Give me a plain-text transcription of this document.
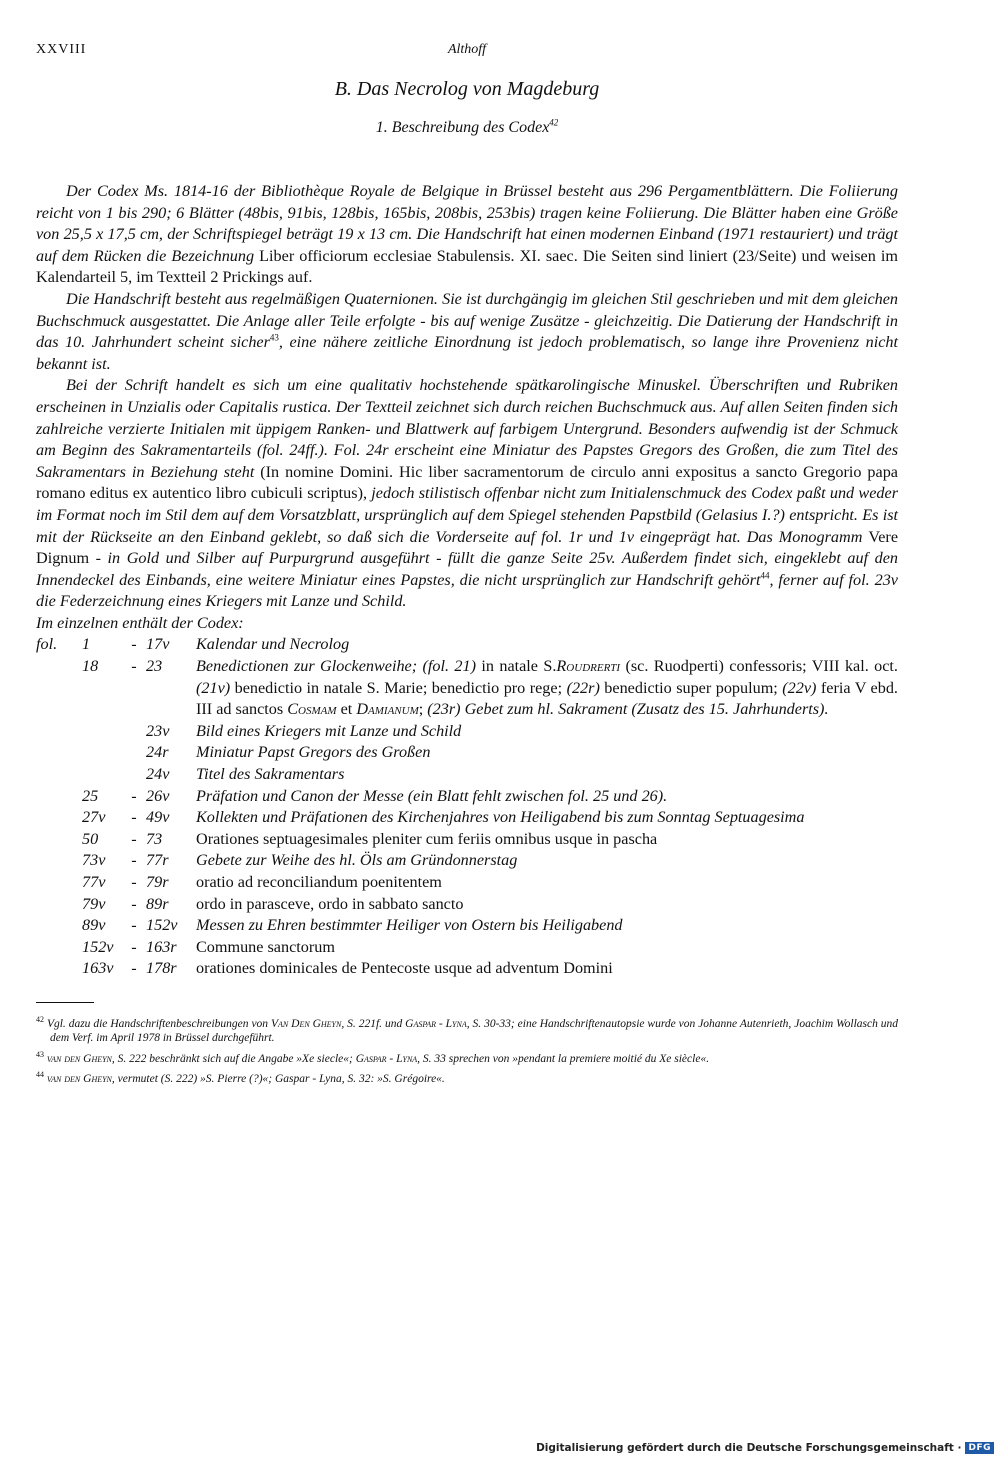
XXVIII	Althoff
B. Das Necrolog von Magdeburg
1. Beschreibung des Codex$^{42}$

Der Codex Ms. 1814-16 der Bibliothèque Royale de Belgique in Brüssel besteht aus 296 Pergamentblättern. Die Foliierung reicht von 1 bis 290; 6 Blätter (48bis, 91bis, 128bis, 165bis, 208bis, 253bis) tragen keine Foliierung. Die Blätter haben eine Größe von 25,5 x 17,5 cm, der Schriftspiegel beträgt 19 x 13 cm. Die Handschrift hat einen modernen Einband (1971 restauriert) und trägt auf dem Rücken die Bezeichnung Liber officiorum ecclesiae Stabulensis. XI. saec. Die Seiten sind liniert (23/Seite) und weisen im Kalendarteil 5, im Textteil 2 Prickings auf.

Die Handschrift besteht aus regelmäßigen Quaternionen. Sie ist durchgängig im gleichen Stil geschrieben und mit dem gleichen Buchschmuck ausgestattet. Die Anlage aller Teile erfolgte - bis auf wenige Zusätze - gleichzeitig. Die Datierung der Handschrift in das 10. Jahrhundert scheint sicher$^{43}$, eine nähere zeitliche Einordnung ist jedoch problematisch, so lange ihre Provenienz nicht bekannt ist.

Bei der Schrift handelt es sich um eine qualitativ hochstehende spätkarolingische Minuskel. Überschriften und Rubriken erscheinen in Unzialis oder Capitalis rustica. Der Textteil zeichnet sich durch reichen Buchschmuck aus. Auf allen Seiten finden sich zahlreiche verzierte Initialen mit üppigem Ranken- und Blattwerk auf farbigem Untergrund. Besonders aufwendig ist der Schmuck am Beginn des Sakramentarteils (fol. 24ff.). Fol. 24r erscheint eine Miniatur des Papstes Gregors des Großen, die zum Titel des Sakramentars in Beziehung steht (In nomine Domini. Hic liber sacramentorum de circulo anni expositus a sancto Gregorio papa romano editus ex autentico libro cubiculi scriptus), jedoch stilistisch offenbar nicht zum Initialenschmuck des Codex paßt und weder im Format noch im Stil dem auf dem Vorsatzblatt, ursprünglich auf dem Spiegel stehenden Papstbild (Gelasius I.?) entspricht. Es ist mit der Rückseite an den Einband geklebt, so daß sich die Vorderseite auf fol. 1r und 1v eingeprägt hat. Das Monogramm Vere Dignum - in Gold und Silber auf Purpurgrund ausgeführt - füllt die ganze Seite 25v. Außerdem findet sich, eingeklebt auf den Innendeckel des Einbands, eine weitere Miniatur eines Papstes, die nicht ursprünglich zur Handschrift gehört$^{44}$, ferner auf fol. 23v die Federzeichnung eines Kriegers mit Lanze und Schild.

Im einzelnen enthält der Codex:
fol. 1	- 17v	Kalendar und Necrolog
18	- 23	Benedictionen zur Glockenweihe; (fol. 21) in natale S.Roudrerti (sc. Ruodperti) confessoris; VIII kal. oct. (21v) benedictio in natale S. Marie; benedictio pro rege; (22r) benedictio super populum; (22v) feria V ebd. III ad sanctos Cosmam et Damianum; (23r) Gebet zum hl. Sakrament (Zusatz des 15. Jahrhunderts).
23v	Bild eines Kriegers mit Lanze und Schild
24r	Miniatur Papst Gregors des Großen
24v	Titel des Sakramentars
25	- 26v	Präfation und Canon der Messe (ein Blatt fehlt zwischen fol. 25 und 26).
27v	- 49v	Kollekten und Präfationen des Kirchenjahres von Heiligabend bis zum Sonntag Septuagesima
50	- 73	Orationes septuagesimales pleniter cum feriis omnibus usque in pascha
73v	- 77r	Gebete zur Weihe des hl. Öls am Gründonnerstag
77v	- 79r	oratio ad reconciliandum poenitentem
79v	- 89r	ordo in parasceve, ordo in sabbato sancto
89v	- 152v	Messen zu Ehren bestimmter Heiliger von Ostern bis Heiligabend
152v	- 163r	Commune sanctorum
163v	- 178r	orationes dominicales de Pentecoste usque ad adventum Domini
$^{42}$ Vgl. dazu die Handschriftenbeschreibungen von Van Den Gheyn, S. 221f. und Gaspar - Lyna, S. 30-33; eine Handschriftenautopsie wurde von Johanne Autenrieth, Joachim Wollasch und dem Verf. im April 1978 in Brüssel durchgeführt.
$^{43}$ van den Gheyn, S. 222 beschränkt sich auf die Angabe »Xe siecle«; Gaspar - Lyna, S. 33 sprechen von »pendant la premiere moitié du Xe siècle«.
$^{44}$ van den Gheyn, vermutet (S. 222) »S. Pierre (?)«; Gaspar - Lyna, S. 32: »S. Grégoire«.
Digitalisierung gefördert durch die Deutsche Forschungsgemeinschaft · DFG
